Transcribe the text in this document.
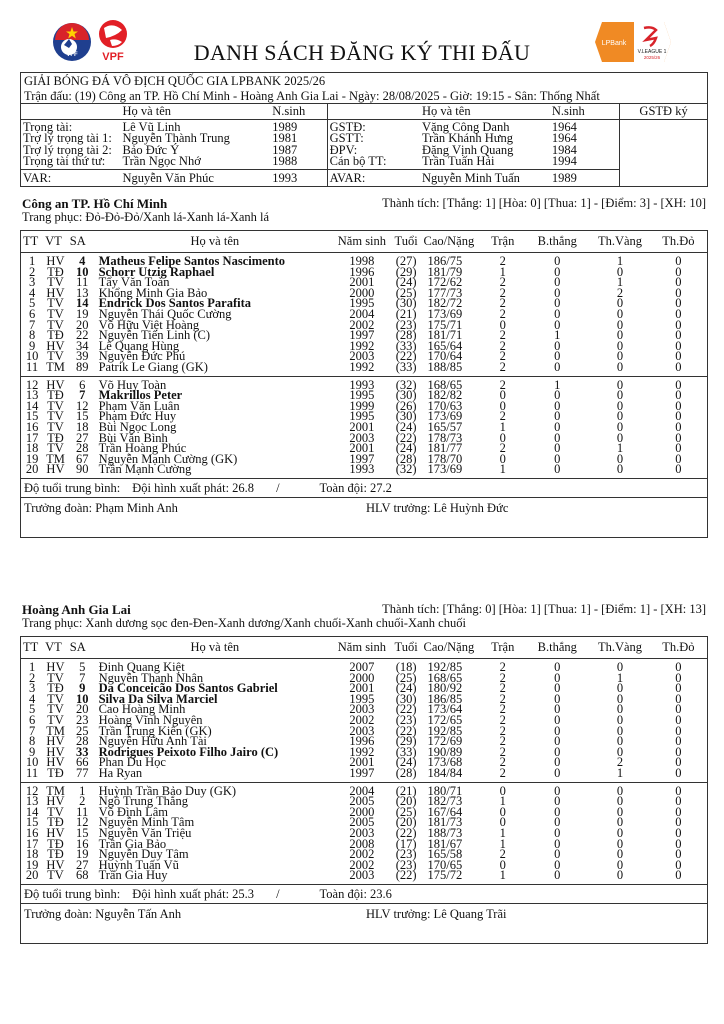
VFF VPF
LPBank
V.LEAGUE 1
2025/26
DANH SÁCH ĐĂNG KÝ THI ĐẤU
GIẢI BÓNG ĐÁ VÔ ĐỊCH QUỐC GIA LPBANK 2025/26
Trận đấu: (19) Công an TP. Hồ Chí Minh - Hoàng Anh Gia Lai - Ngày: 28/08/2025 - Giờ: 19:15 - Sân: Thống Nhất
	Họ và tên	N.sinh		Họ và tên	N.sinh	GSTĐ ký
Trọng tài:	Lê Vũ Linh	1989	GSTĐ:	Vặng Công Danh	1964	
Trợ lý trọng tài 1:	Nguyễn Thành Trung	1981	GSTT:	Trần Khánh Hưng	1964	
Trợ lý trọng tài 2:	Bảo Đức Ý	1987	ĐPV:	Đặng Vịnh Quang	1984	
Trọng tài thứ tư:	Trần Ngọc Nhớ	1988	Cán bộ TT:	Trần Tuấn Hải	1994	
VAR:	Nguyễn Văn Phúc	1993	AVAR:	Nguyễn Minh Tuấn	1989	
Công an TP. Hồ Chí Minh	Thành tích: [Thắng: 1] [Hòa: 0] [Thua: 1] - [Điểm: 3] - [XH: 10]
Trang phục: Đỏ-Đỏ-Đỏ/Xanh lá-Xanh lá-Xanh lá
TT	VT	SA	Họ và tên	Năm sinh	Tuổi	Cao/Nặng	Trận	B.thắng	Th.Vàng	Th.Đỏ
1	HV	4	Matheus Felipe Santos Nascimento	1998	(27)	186/75	2	0	1	0
2	TĐ	10	Schorr Utzig Raphael	1996	(29)	181/79	1	0	0	0
3	TV	11	Tẩy Văn Toàn	2001	(24)	172/62	2	0	1	0
4	HV	13	Khổng Minh Gia Bảo	2000	(25)	177/73	2	0	2	0
5	TV	14	Endrick Dos Santos Parafita	1995	(30)	182/72	2	0	0	0
6	TV	19	Nguyễn Thái Quốc Cường	2004	(21)	173/69	2	0	0	0
7	TV	20	Võ Hữu Việt Hoàng	2002	(23)	175/71	0	0	0	0
8	TĐ	22	Nguyễn Tiến Linh (C)	1997	(28)	181/71	2	1	0	0
9	HV	34	Lê Quang Hùng	1992	(33)	165/64	2	0	0	0
10	TV	39	Nguyễn Đức Phú	2003	(22)	170/64	2	0	0	0
11	TM	89	Patrik Le Giang (GK)	1992	(33)	188/85	2	0	0	0
12	HV	6	Võ Huy Toàn	1993	(32)	168/65	2	1	0	0
13	TĐ	7	Makrillos Peter	1995	(30)	182/82	0	0	0	0
14	TV	12	Phạm Văn Luân	1999	(26)	170/63	0	0	0	0
15	TV	15	Phạm Đức Huy	1995	(30)	173/69	2	0	0	0
16	TV	18	Bùi Ngọc Long	2001	(24)	165/57	1	0	0	0
17	TĐ	27	Bùi Văn Bình	2003	(22)	178/73	0	0	0	0
18	TV	28	Trần Hoàng Phúc	2001	(24)	181/77	2	0	1	0
19	TM	67	Nguyễn Mạnh Cường (GK)	1997	(28)	178/70	0	0	0	0
20	HV	90	Trần Mạnh Cường	1993	(32)	173/69	1	0	0	0
Độ tuổi trung bình: Đội hình xuất phát: 26.8 /	Toàn đội: 27.2
Trưởng đoàn: Phạm Minh Anh	HLV trưởng: Lê Huỳnh Đức
Hoàng Anh Gia Lai	Thành tích: [Thắng: 0] [Hòa: 1] [Thua: 1] - [Điểm: 1] - [XH: 13]
Trang phục: Xanh dương sọc đen-Đen-Xanh dương/Xanh chuối-Xanh chuối-Xanh chuối
TT	VT	SA	Họ và tên	Năm sinh	Tuổi	Cao/Nặng	Trận	B.thắng	Th.Vàng	Th.Đỏ
1	HV	5	Đinh Quang Kiệt	2007	(18)	192/85	2	0	0	0
2	TV	7	Nguyễn Thanh Nhân	2000	(25)	168/65	2	0	1	0
3	TĐ	9	Da Conceicão Dos Santos Gabriel	2001	(24)	180/92	2	0	0	0
4	TV	10	Silva Da Silva Marciel	1995	(30)	186/85	2	0	0	0
5	TV	20	Cao Hoàng Minh	2003	(22)	173/64	2	0	0	0
6	TV	23	Hoàng Vĩnh Nguyên	2002	(23)	172/65	2	0	0	0
7	TM	25	Trần Trung Kiên (GK)	2003	(22)	192/85	2	0	0	0
8	HV	28	Nguyễn Hữu Anh Tài	1996	(29)	172/69	2	0	0	0
9	HV	33	Rodrigues Peixoto Filho Jairo (C)	1992	(33)	190/89	2	0	0	0
10	HV	66	Phan Du Học	2001	(24)	173/68	2	0	2	0
11	TĐ	77	Ha Ryan	1997	(28)	184/84	2	0	1	0
12	TM	1	Huỳnh Trần Bảo Duy (GK)	2004	(21)	180/71	0	0	0	0
13	HV	2	Ngô Trung Thắng	2005	(20)	182/73	1	0	0	0
14	TV	11	Võ Đình Lâm	2000	(25)	167/64	0	0	0	0
15	TĐ	12	Nguyễn Minh Tâm	2005	(20)	181/73	0	0	0	0
16	HV	15	Nguyễn Văn Triệu	2003	(22)	188/73	1	0	0	0
17	TĐ	16	Trần Gia Bảo	2008	(17)	181/67	1	0	0	0
18	TĐ	19	Nguyễn Duy Tâm	2002	(23)	165/58	2	0	0	0
19	HV	27	Huỳnh Tuấn Vũ	2002	(23)	170/65	0	0	0	0
20	TV	68	Trần Gia Huy	2003	(22)	175/72	1	0	0	0
Độ tuổi trung bình: Đội hình xuất phát: 25.3 /	Toàn đội: 23.6
Trưởng đoàn: Nguyễn Tấn Anh	HLV trưởng: Lê Quang Trãi
